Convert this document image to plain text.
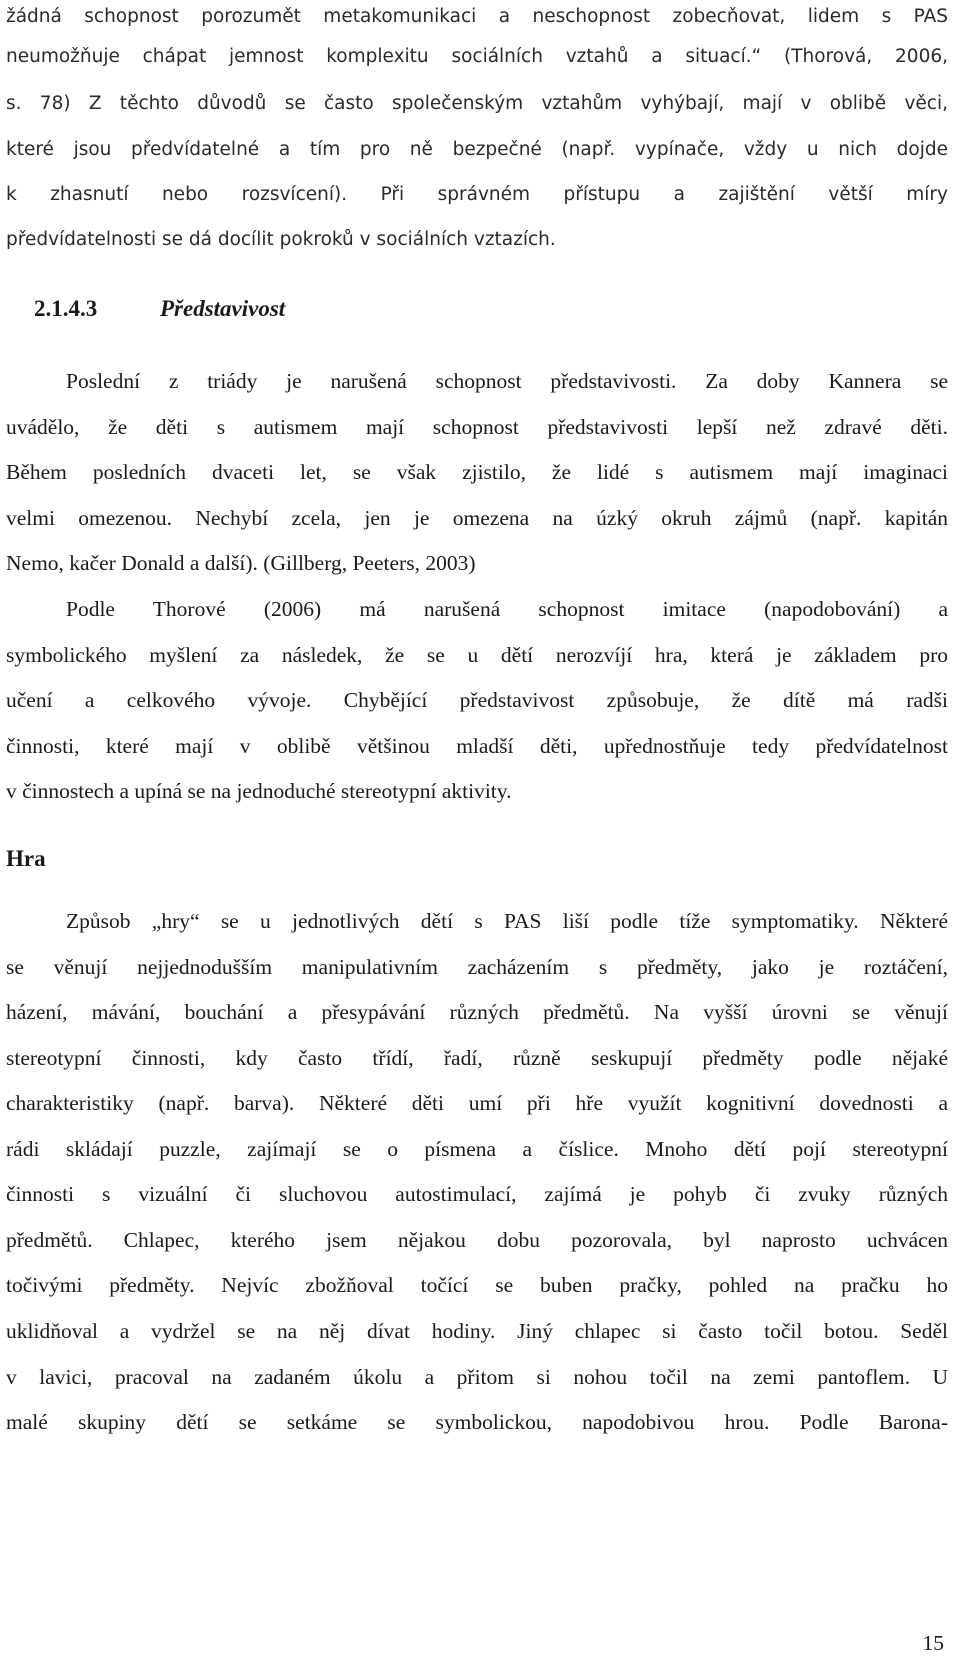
žádná schopnost porozumět metakomunikaci a neschopnost zobecňovat, lidem s PAS
neumožňuje chápat jemnost komplexitu sociálních vztahů a situací.“ (Thorová, 2006,
s. 78) Z těchto důvodů se často společenským vztahům vyhýbají, mají v oblibě věci,
které jsou předvídatelné a tím pro ně bezpečné (např. vypínače, vždy u nich dojde
k zhasnutí nebo rozsvícení). Při správném přístupu a zajištění větší míry
předvídatelnosti se dá docílit pokroků v sociálních vztazích.
2.1.4.3	Představivost
Poslední z triády je narušená schopnost představivosti. Za doby Kannera se
uvádělo, že děti s autismem mají schopnost představivosti lepší než zdravé děti.
Během posledních dvaceti let, se však zjistilo, že lidé s autismem mají imaginaci
velmi omezenou. Nechybí zcela, jen je omezena na úzký okruh zájmů (např. kapitán
Nemo, kačer Donald a další). (Gillberg, Peeters, 2003)
Podle Thorové (2006) má narušená schopnost imitace (napodobování) a
symbolického myšlení za následek, že se u dětí nerozvíjí hra, která je základem pro
učení a celkového vývoje. Chybějící představivost způsobuje, že dítě má radši
činnosti, které mají v oblibě většinou mladší děti, upřednostňuje tedy předvídatelnost
v činnostech a upíná se na jednoduché stereotypní aktivity.
Hra
Způsob „hry“ se u jednotlivých dětí s PAS liší podle tíže symptomatiky. Některé
se věnují nejjednodušším manipulativním zacházením s předměty, jako je roztáčení,
házení, mávání, bouchání a přesypávání různých předmětů. Na vyšší úrovni se věnují
stereotypní činnosti, kdy často třídí, řadí, různě seskupují předměty podle nějaké
charakteristiky (např. barva). Některé děti umí při hře využít kognitivní dovednosti a
rádi skládají puzzle, zajímají se o písmena a číslice. Mnoho dětí pojí stereotypní
činnosti s vizuální či sluchovou autostimulací, zajímá je pohyb či zvuky různých
předmětů. Chlapec, kterého jsem nějakou dobu pozorovala, byl naprosto uchvácen
točivými předměty. Nejvíc zbožňoval točící se buben pračky, pohled na pračku ho
uklidňoval a vydržel se na něj dívat hodiny. Jiný chlapec si často točil botou. Seděl
v lavici, pracoval na zadaném úkolu a přitom si nohou točil na zemi pantoflem. U
malé skupiny dětí se setkáme se symbolickou, napodobivou hrou. Podle Barona-
15
